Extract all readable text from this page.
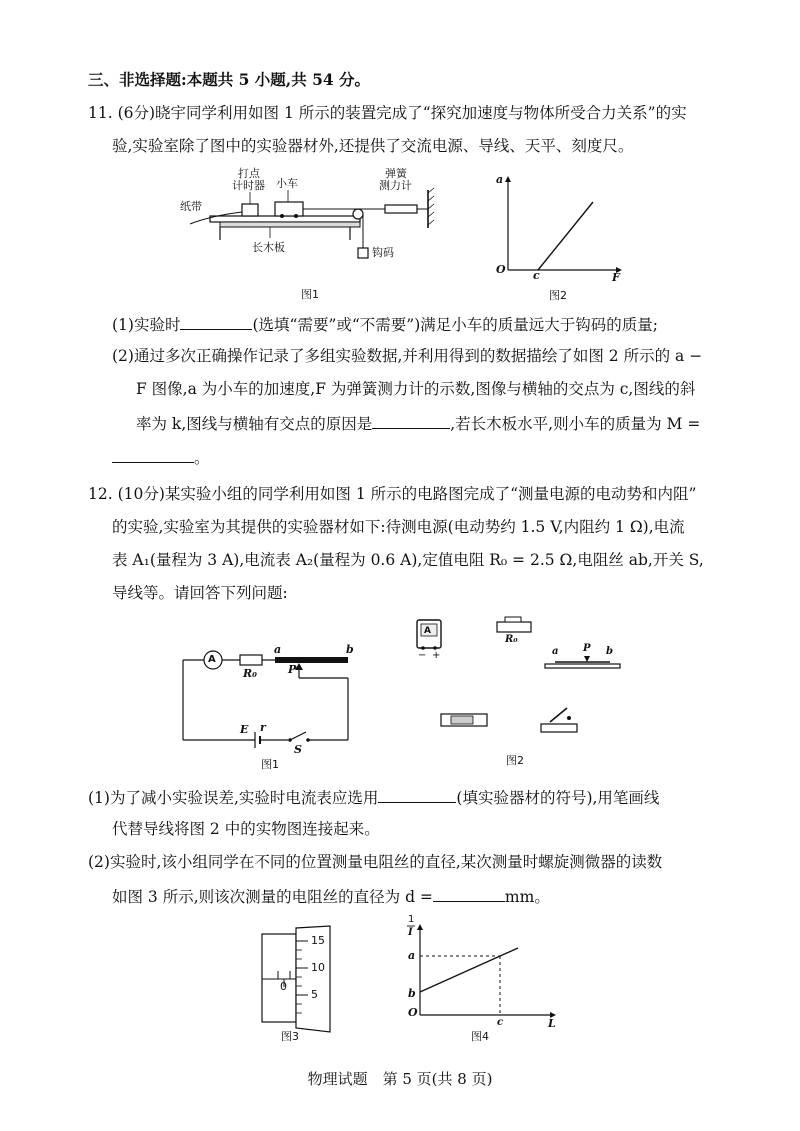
三、非选择题:本题共 5 小题,共 54 分。
11. (6分)晓宇同学利用如图 1 所示的装置完成了“探究加速度与物体所受合力关系”的实
验,实验室除了图中的实验器材外,还提供了交流电源、导线、天平、刻度尺。
纸带
打点
计时器 小车
弹簧
测力计
长木板	钩码
图1
a
F
O c
图2
(1)实验时	(选填“需要”或“不需要”)满足小车的质量远大于钩码的质量;
(2)通过多次正确操作记录了多组实验数据,并利用得到的数据描绘了如图 2 所示的 a −
F 图像,a 为小车的加速度,F 为弹簧测力计的示数,图像与横轴的交点为 c,图线的斜
率为 k,图线与横轴有交点的原因是	,若长木板水平,则小车的质量为 M =
。
12. (10分)某实验小组的同学利用如图 1 所示的电路图完成了“测量电源的电动势和内阻”
的实验,实验室为其提供的实验器材如下:待测电源(电动势约 1.5 V,内阻约 1 Ω),电流
表 A₁(量程为 3 A),电流表 A₂(量程为 0.6 A),定值电阻 R₀ = 2.5 Ω,电阻丝 ab,开关 S,
导线等。请回答下列问题:
A
R₀
a	b
P
E r
S
图1
A
− +
R₀
a P b
图2
(1)为了减小实验误差,实验时电流表应选用	(填实验器材的符号),用笔画线
代替导线将图 2 中的实物图连接起来。
(2)实验时,该小组同学在不同的位置测量电阻丝的直径,某次测量时螺旋测微器的读数
如图 3 所示,则该次测量的电阻丝的直径为 d =	mm。
15
10
5
0
图3
1
I
a
b
O
c	L
图4
物理试题　第 5 页(共 8 页)
